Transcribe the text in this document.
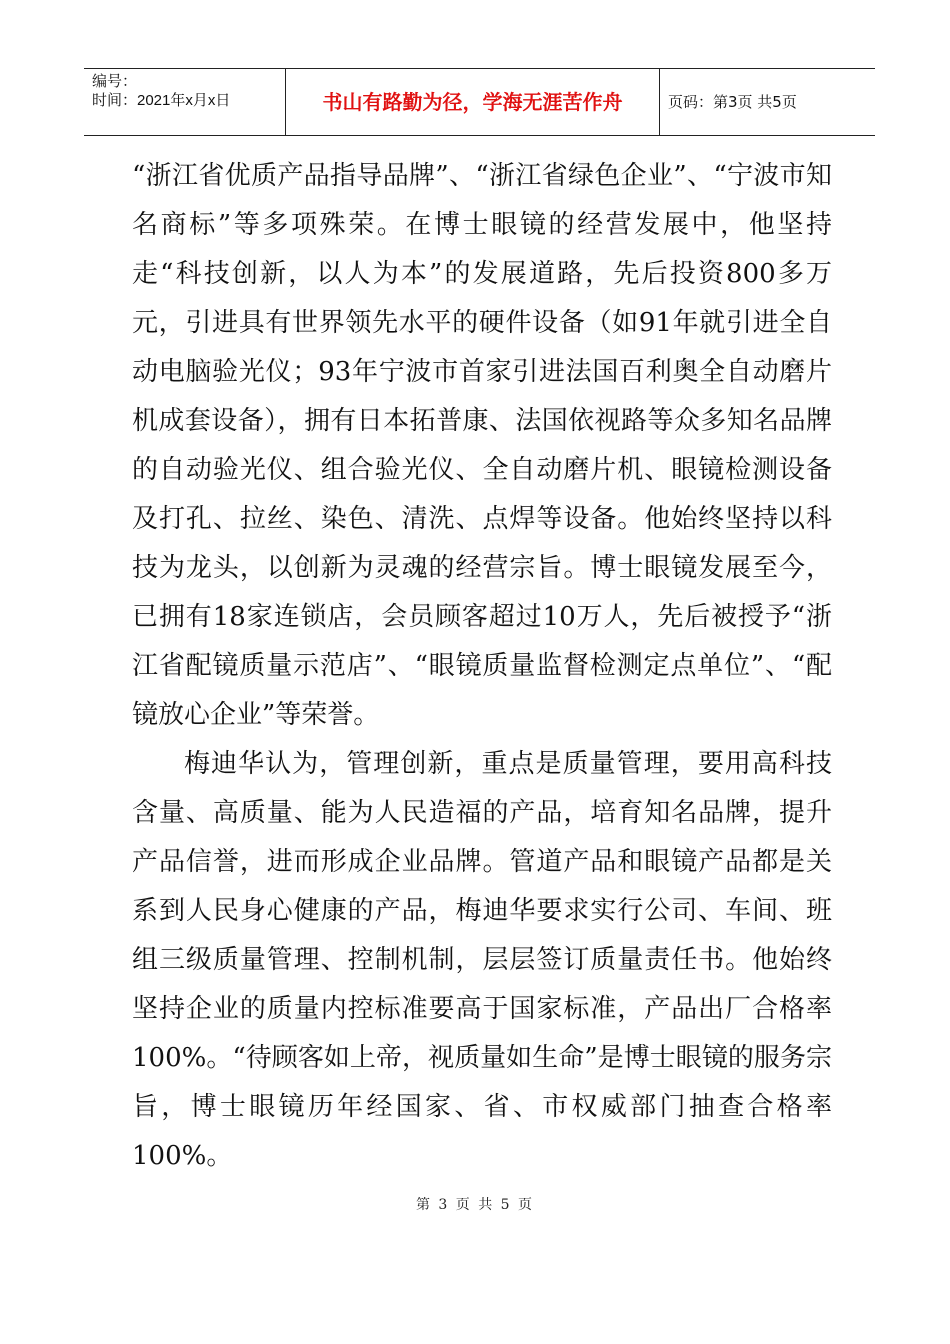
编号：
时间：2021年x月x日	书山有路勤为径，学海无涯苦作舟	页码：第3页 共5页

“浙江省优质产品指导品牌”、“浙江省绿色企业”、“宁波市知名商标”等多项殊荣。在博士眼镜的经营发展中，他坚持走“科技创新，以人为本”的发展道路，先后投资800多万元，引进具有世界领先水平的硬件设备（如91年就引进全自动电脑验光仪；93年宁波市首家引进法国百利奥全自动磨片机成套设备），拥有日本拓普康、法国依视路等众多知名品牌的自动验光仪、组合验光仪、全自动磨片机、眼镜检测设备及打孔、拉丝、染色、清洗、点焊等设备。他始终坚持以科技为龙头，以创新为灵魂的经营宗旨。博士眼镜发展至今，已拥有18家连锁店，会员顾客超过10万人，先后被授予“浙江省配镜质量示范店”、“眼镜质量监督检测定点单位”、“配镜放心企业”等荣誉。

梅迪华认为，管理创新，重点是质量管理，要用高科技含量、高质量、能为人民造福的产品，培育知名品牌，提升产品信誉，进而形成企业品牌。管道产品和眼镜产品都是关系到人民身心健康的产品，梅迪华要求实行公司、车间、班组三级质量管理、控制机制，层层签订质量责任书。他始终坚持企业的质量内控标准要高于国家标准，产品出厂合格率100%。“待顾客如上帝，视质量如生命”是博士眼镜的服务宗旨，博士眼镜历年经国家、省、市权威部门抽查合格率100%。

第 3 页 共 5 页
